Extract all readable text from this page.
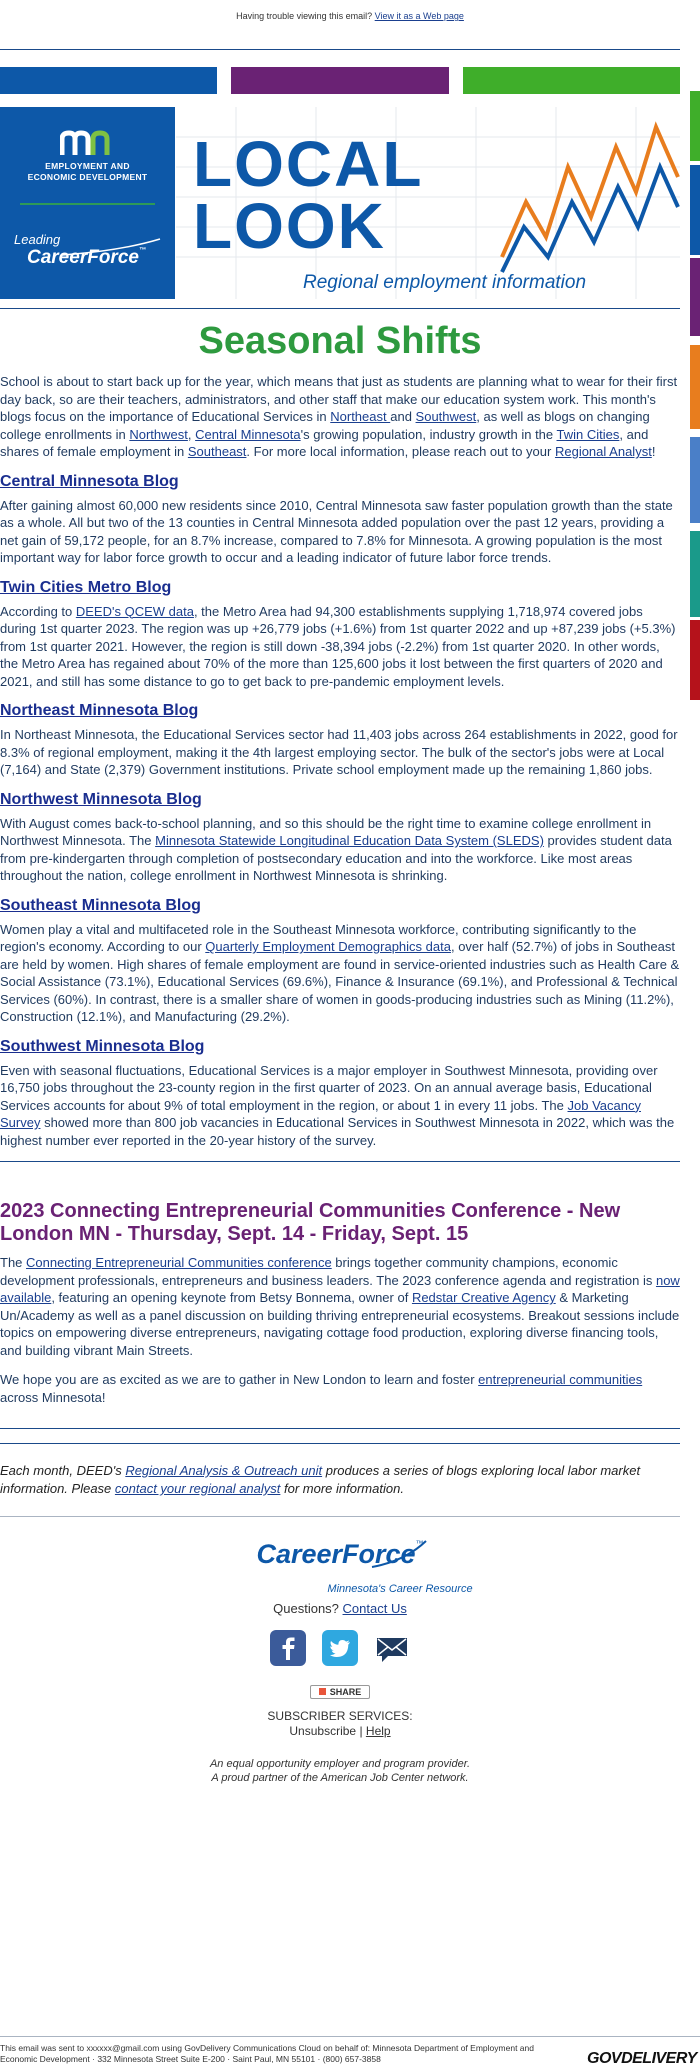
Having trouble viewing this email? View it as a Web page
EMPLOYMENT AND
ECONOMIC DEVELOPMENT
Leading
CareerForce™
LOCAL
LOOK
Regional employment information
Seasonal Shifts

School is about to start back up for the year, which means that just as students are planning what to wear for their first day back, so are their teachers, administrators, and other staff that make our education system work. This month's blogs focus on the importance of Educational Services in Northeast and Southwest, as well as blogs on changing college enrollments in Northwest, Central Minnesota's growing population, industry growth in the Twin Cities, and shares of female employment in Southeast. For more local information, please reach out to your Regional Analyst!

Central Minnesota Blog

After gaining almost 60,000 new residents since 2010, Central Minnesota saw faster population growth than the state as a whole. All but two of the 13 counties in Central Minnesota added population over the past 12 years, providing a net gain of 59,172 people, for an 8.7% increase, compared to 7.8% for Minnesota. A growing population is the most important way for labor force growth to occur and a leading indicator of future labor force trends.

Twin Cities Metro Blog

According to DEED's QCEW data, the Metro Area had 94,300 establishments supplying 1,718,974 covered jobs during 1st quarter 2023. The region was up +26,779 jobs (+1.6%) from 1st quarter 2022 and up +87,239 jobs (+5.3%) from 1st quarter 2021. However, the region is still down -38,394 jobs (-2.2%) from 1st quarter 2020. In other words, the Metro Area has regained about 70% of the more than 125,600 jobs it lost between the first quarters of 2020 and 2021, and still has some distance to go to get back to pre-pandemic employment levels.

Northeast Minnesota Blog

In Northeast Minnesota, the Educational Services sector had 11,403 jobs across 264 establishments in 2022, good for 8.3% of regional employment, making it the 4th largest employing sector. The bulk of the sector's jobs were at Local (7,164) and State (2,379) Government institutions. Private school employment made up the remaining 1,860 jobs.

Northwest Minnesota Blog

With August comes back-to-school planning, and so this should be the right time to examine college enrollment in Northwest Minnesota. The Minnesota Statewide Longitudinal Education Data System (SLEDS) provides student data from pre-kindergarten through completion of postsecondary education and into the workforce. Like most areas throughout the nation, college enrollment in Northwest Minnesota is shrinking.

Southeast Minnesota Blog

Women play a vital and multifaceted role in the Southeast Minnesota workforce, contributing significantly to the region's economy. According to our Quarterly Employment Demographics data, over half (52.7%) of jobs in Southeast are held by women. High shares of female employment are found in service-oriented industries such as Health Care & Social Assistance (73.1%), Educational Services (69.6%), Finance & Insurance (69.1%), and Professional & Technical Services (60%). In contrast, there is a smaller share of women in goods-producing industries such as Mining (11.2%), Construction (12.1%), and Manufacturing (29.2%).

Southwest Minnesota Blog

Even with seasonal fluctuations, Educational Services is a major employer in Southwest Minnesota, providing over 16,750 jobs throughout the 23-county region in the first quarter of 2023. On an annual average basis, Educational Services accounts for about 9% of total employment in the region, or about 1 in every 11 jobs. The Job Vacancy Survey showed more than 800 job vacancies in Educational Services in Southwest Minnesota in 2022, which was the highest number ever reported in the 20-year history of the survey.

2023 Connecting Entrepreneurial Communities Conference - New London MN - Thursday, Sept. 14 - Friday, Sept. 15

The Connecting Entrepreneurial Communities conference brings together community champions, economic development professionals, entrepreneurs and business leaders. The 2023 conference agenda and registration is now available, featuring an opening keynote from Betsy Bonnema, owner of Redstar Creative Agency & Marketing Un/Academy as well as a panel discussion on building thriving entrepreneurial ecosystems. Breakout sessions include topics on empowering diverse entrepreneurs, navigating cottage food production, exploring diverse financing tools, and building vibrant Main Streets.

We hope you are as excited as we are to gather in New London to learn and foster entrepreneurial communities across Minnesota!

Each month, DEED's Regional Analysis & Outreach unit produces a series of blogs exploring local labor market information. Please contact your regional analyst for more information.

CareerForce™
Minnesota's Career Resource
Questions? Contact Us
SHARE
SUBSCRIBER SERVICES:
Unsubscribe | Help
An equal opportunity employer and program provider.
A proud partner of the American Job Center network.
This email was sent to xxxxxx@gmail.com using GovDelivery Communications Cloud on behalf of: Minnesota Department of Employment and Economic Development · 332 Minnesota Street Suite E-200 · Saint Paul, MN 55101 · (800) 657-3858	GOVDELIVERY
